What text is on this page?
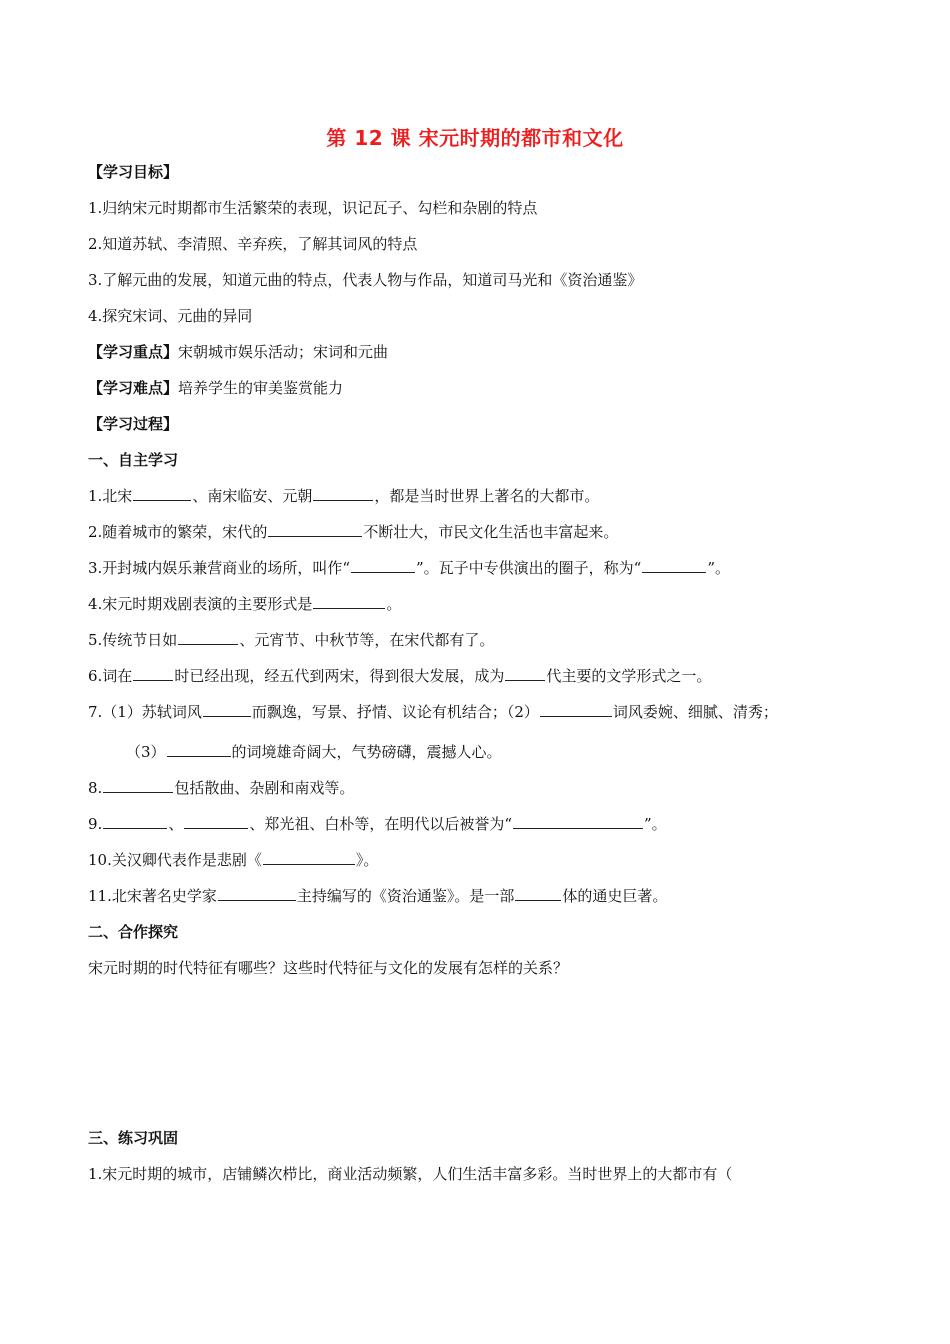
第 12 课 宋元时期的都市和文化
【学习目标】
1.归纳宋元时期都市生活繁荣的表现，识记瓦子、勾栏和杂剧的特点
2.知道苏轼、李清照、辛弃疾，了解其词风的特点
3.了解元曲的发展，知道元曲的特点，代表人物与作品，知道司马光和《资治通鉴》
4.探究宋词、元曲的异同
【学习重点】宋朝城市娱乐活动；宋词和元曲
【学习难点】培养学生的审美鉴赏能力
【学习过程】
一、自主学习
1.北宋	、南宋临安、元朝	，都是当时世界上著名的大都市。
2.随着城市的繁荣，宋代的	不断壮大，市民文化生活也丰富起来。
3.开封城内娱乐兼营商业的场所，叫作“	”。瓦子中专供演出的圈子，称为“	”。
4.宋元时期戏剧表演的主要形式是	。
5.传统节日如	、元宵节、中秋节等，在宋代都有了。
6.词在	时已经出现，经五代到两宋，得到很大发展，成为	代主要的文学形式之一。
7.（1）苏轼词风	而飘逸，写景、抒情、议论有机结合；（2）	词风委婉、细腻、清秀；
（3）	的词境雄奇阔大，气势磅礴，震撼人心。
8.	包括散曲、杂剧和南戏等。
9.	、	、郑光祖、白朴等，在明代以后被誉为“	”。
10.关汉卿代表作是悲剧《	》。
11.北宋著名史学家	主持编写的《资治通鉴》。是一部	体的通史巨著。
二、合作探究
宋元时期的时代特征有哪些？这些时代特征与文化的发展有怎样的关系？
三、练习巩固
1.宋元时期的城市，店铺鳞次栉比，商业活动频繁，人们生活丰富多彩。当时世界上的大都市有（
